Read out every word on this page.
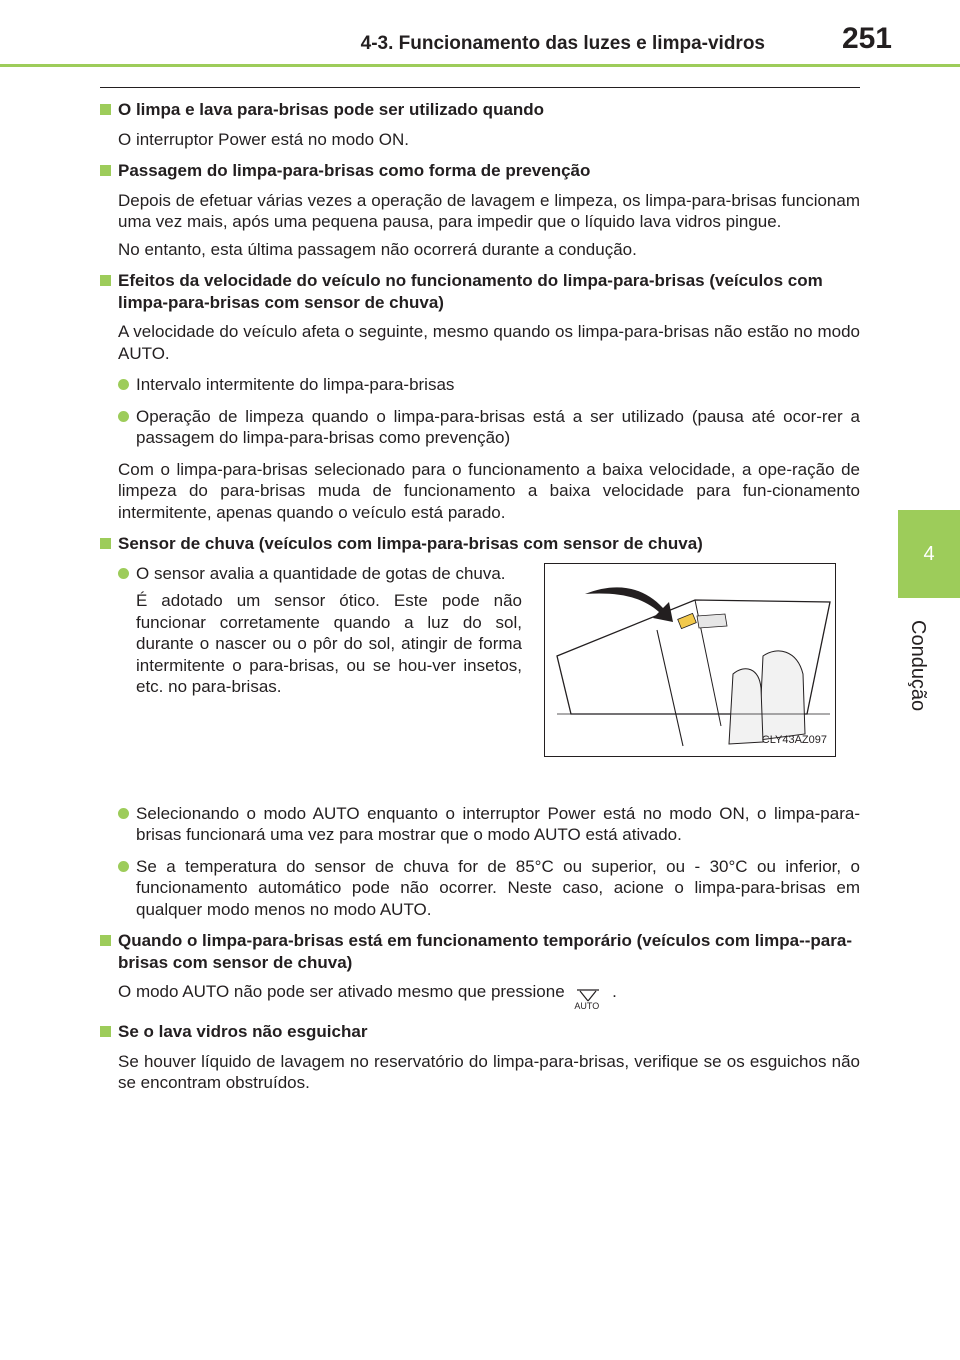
4-3. Funcionamento das luzes e limpa-vidros	251
4
Condução
O limpa e lava para-brisas pode ser utilizado quando
O interruptor Power está no modo ON.
Passagem do limpa-para-brisas como forma de prevenção
Depois de efetuar várias vezes a operação de lavagem e limpeza, os limpa-para-brisas funcionam uma vez mais, após uma pequena pausa, para impedir que o líquido lava vidros pingue.
No entanto, esta última passagem não ocorrerá durante a condução.
Efeitos da velocidade do veículo no funcionamento do limpa-para-brisas (veículos com limpa-para-brisas com sensor de chuva)
A velocidade do veículo afeta o seguinte, mesmo quando os limpa-para-brisas não estão no modo AUTO.
Intervalo intermitente do limpa-para-brisas
Operação de limpeza quando o limpa-para-brisas está a ser utilizado (pausa até ocor-rer a passagem do limpa-para-brisas como prevenção)
Com o limpa-para-brisas selecionado para o funcionamento a baixa velocidade, a ope-ração de limpeza do para-brisas muda de funcionamento a baixa velocidade para fun-cionamento intermitente, apenas quando o veículo está parado.
Sensor de chuva (veículos com limpa-para-brisas com sensor de chuva)
O sensor avalia a quantidade de gotas de chuva.
É adotado um sensor ótico. Este pode não funcionar corretamente quando a luz do sol, durante o nascer ou o pôr do sol, atingir de forma intermitente o para-brisas, ou se hou-ver insetos, etc. no para-brisas.
CLY43AZ097
Selecionando o modo AUTO enquanto o interruptor Power está no modo ON, o limpa-para-brisas funcionará uma vez para mostrar que o modo AUTO está ativado.
Se a temperatura do sensor de chuva for de 85°C ou superior, ou - 30°C ou inferior, o funcionamento automático pode não ocorrer. Neste caso, acione o limpa-para-brisas em qualquer modo menos no modo AUTO.
Quando o limpa-para-brisas está em funcionamento temporário (veículos com limpa--para-brisas com sensor de chuva)
O modo AUTO não pode ser ativado mesmo que pressione
AUTO
.
Se o lava vidros não esguichar
Se houver líquido de lavagem no reservatório do limpa-para-brisas, verifique se os esguichos não se encontram obstruídos.
